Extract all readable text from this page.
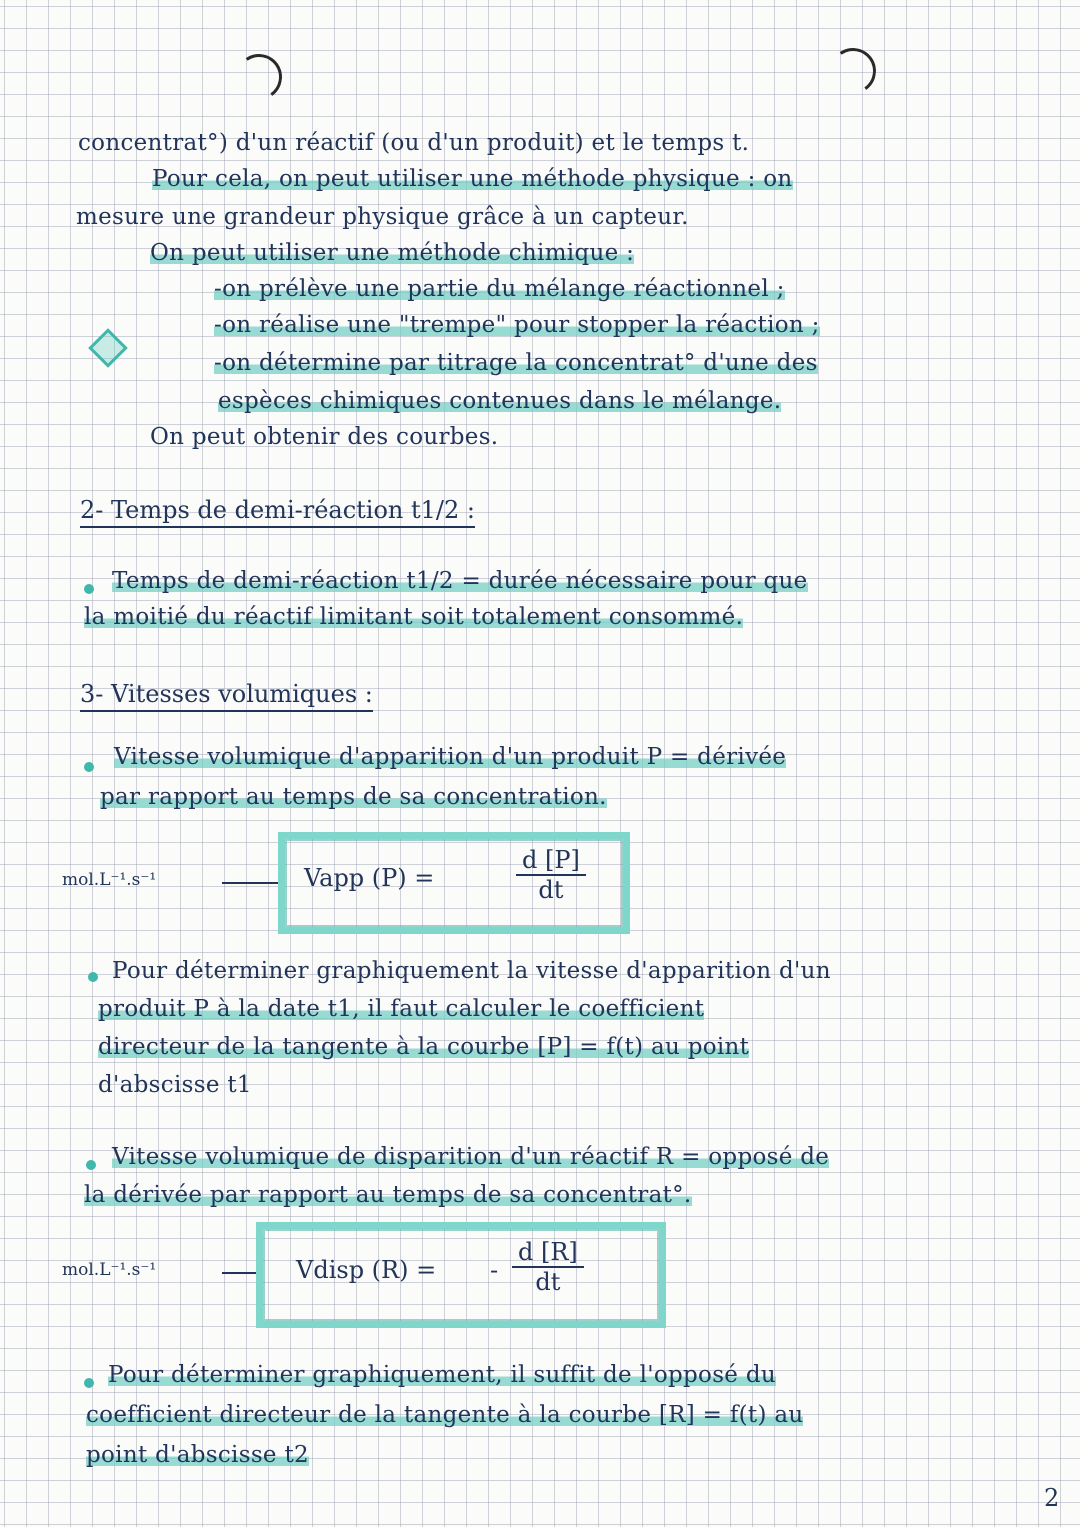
concentrat°) d'un réactif (ou d'un produit) et le temps t.
Pour cela, on peut utiliser une méthode physique : on
mesure une grandeur physique grâce à un capteur.
On peut utiliser une méthode chimique :
-on prélève une partie du mélange réactionnel ;
-on réalise une "trempe" pour stopper la réaction ;
-on détermine par titrage la concentrat° d'une des
espèces chimiques contenues dans le mélange.
On peut obtenir des courbes.
2- Temps de demi-réaction t1/2 :
Temps de demi-réaction t1/2 = durée nécessaire pour que
la moitié du réactif limitant soit totalement consommé.
3- Vitesses volumiques :
Vitesse volumique d'apparition d'un produit P = dérivée
par rapport au temps de sa concentration.
mol.L⁻¹.s⁻¹	Vapp (P) =	$\frac{d [P]}{dt}$
Pour déterminer graphiquement la vitesse d'apparition d'un
produit P à la date t1, il faut calculer le coefficient
directeur de la tangente à la courbe [P] = f(t) au point
d'abscisse t1
Vitesse volumique de disparition d'un réactif R = opposé de
la dérivée par rapport au temps de sa concentrat°.
mol.L⁻¹.s⁻¹	Vdisp (R) = - $\frac{d [R]}{dt}$
Pour déterminer graphiquement, il suffit de l'opposé du
coefficient directeur de la tangente à la courbe [R] = f(t) au
point d'abscisse t2
2
